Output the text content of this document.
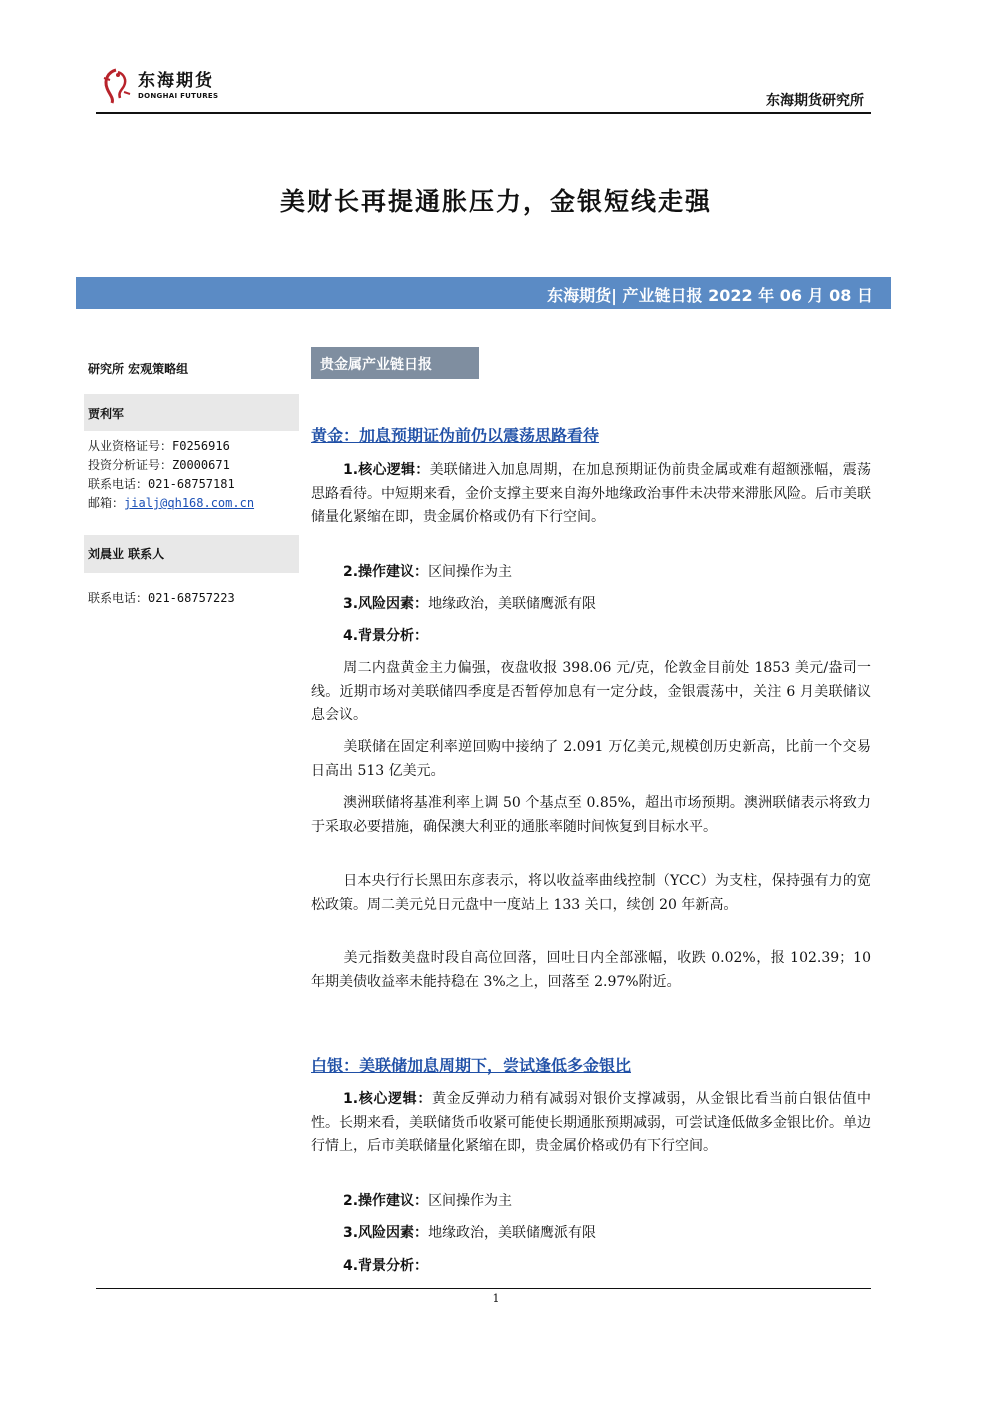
东海期货
DONGHAI FUTURES	东海期货研究所
美财长再提通胀压力，金银短线走强
东海期货| 产业链日报 2022 年 06 月 08 日

研究所 宏观策略组

贾利军

从业资格证号：F0256916

投资分析证号：Z0000671

联系电话：021-68757181

邮箱：jialj@qh168.com.cn

刘晨业 联系人

联系电话：021-68757223

贵金属产业链日报
黄金：加息预期证伪前仍以震荡思路看待
1.核心逻辑：美联储进入加息周期，在加息预期证伪前贵金属或难有超额涨幅，震荡思路看待。中短期来看，金价支撑主要来自海外地缘政治事件未决带来滞胀风险。后市美联储量化紧缩在即，贵金属价格或仍有下行空间。
2.操作建议：区间操作为主
3.风险因素：地缘政治，美联储鹰派有限
4.背景分析：
周二内盘黄金主力偏强，夜盘收报 398.06 元/克，伦敦金目前处 1853 美元/盎司一线。近期市场对美联储四季度是否暂停加息有一定分歧，金银震荡中，关注 6 月美联储议息会议。
美联储在固定利率逆回购中接纳了 2.091 万亿美元,规模创历史新高，比前一个交易日高出 513 亿美元。
澳洲联储将基准利率上调 50 个基点至 0.85%，超出市场预期。澳洲联储表示将致力于采取必要措施，确保澳大利亚的通胀率随时间恢复到目标水平。
日本央行行长黑田东彦表示，将以收益率曲线控制（YCC）为支柱，保持强有力的宽松政策。周二美元兑日元盘中一度站上 133 关口，续创 20 年新高。
美元指数美盘时段自高位回落，回吐日内全部涨幅，收跌 0.02%，报 102.39；10 年期美债收益率未能持稳在 3%之上，回落至 2.97%附近。
白银：美联储加息周期下，尝试逢低多金银比
1.核心逻辑：黄金反弹动力稍有减弱对银价支撑减弱，从金银比看当前白银估值中性。长期来看，美联储货币收紧可能使长期通胀预期减弱，可尝试逢低做多金银比价。单边行情上，后市美联储量化紧缩在即，贵金属价格或仍有下行空间。
2.操作建议：区间操作为主
3.风险因素：地缘政治，美联储鹰派有限
4.背景分析：
1
